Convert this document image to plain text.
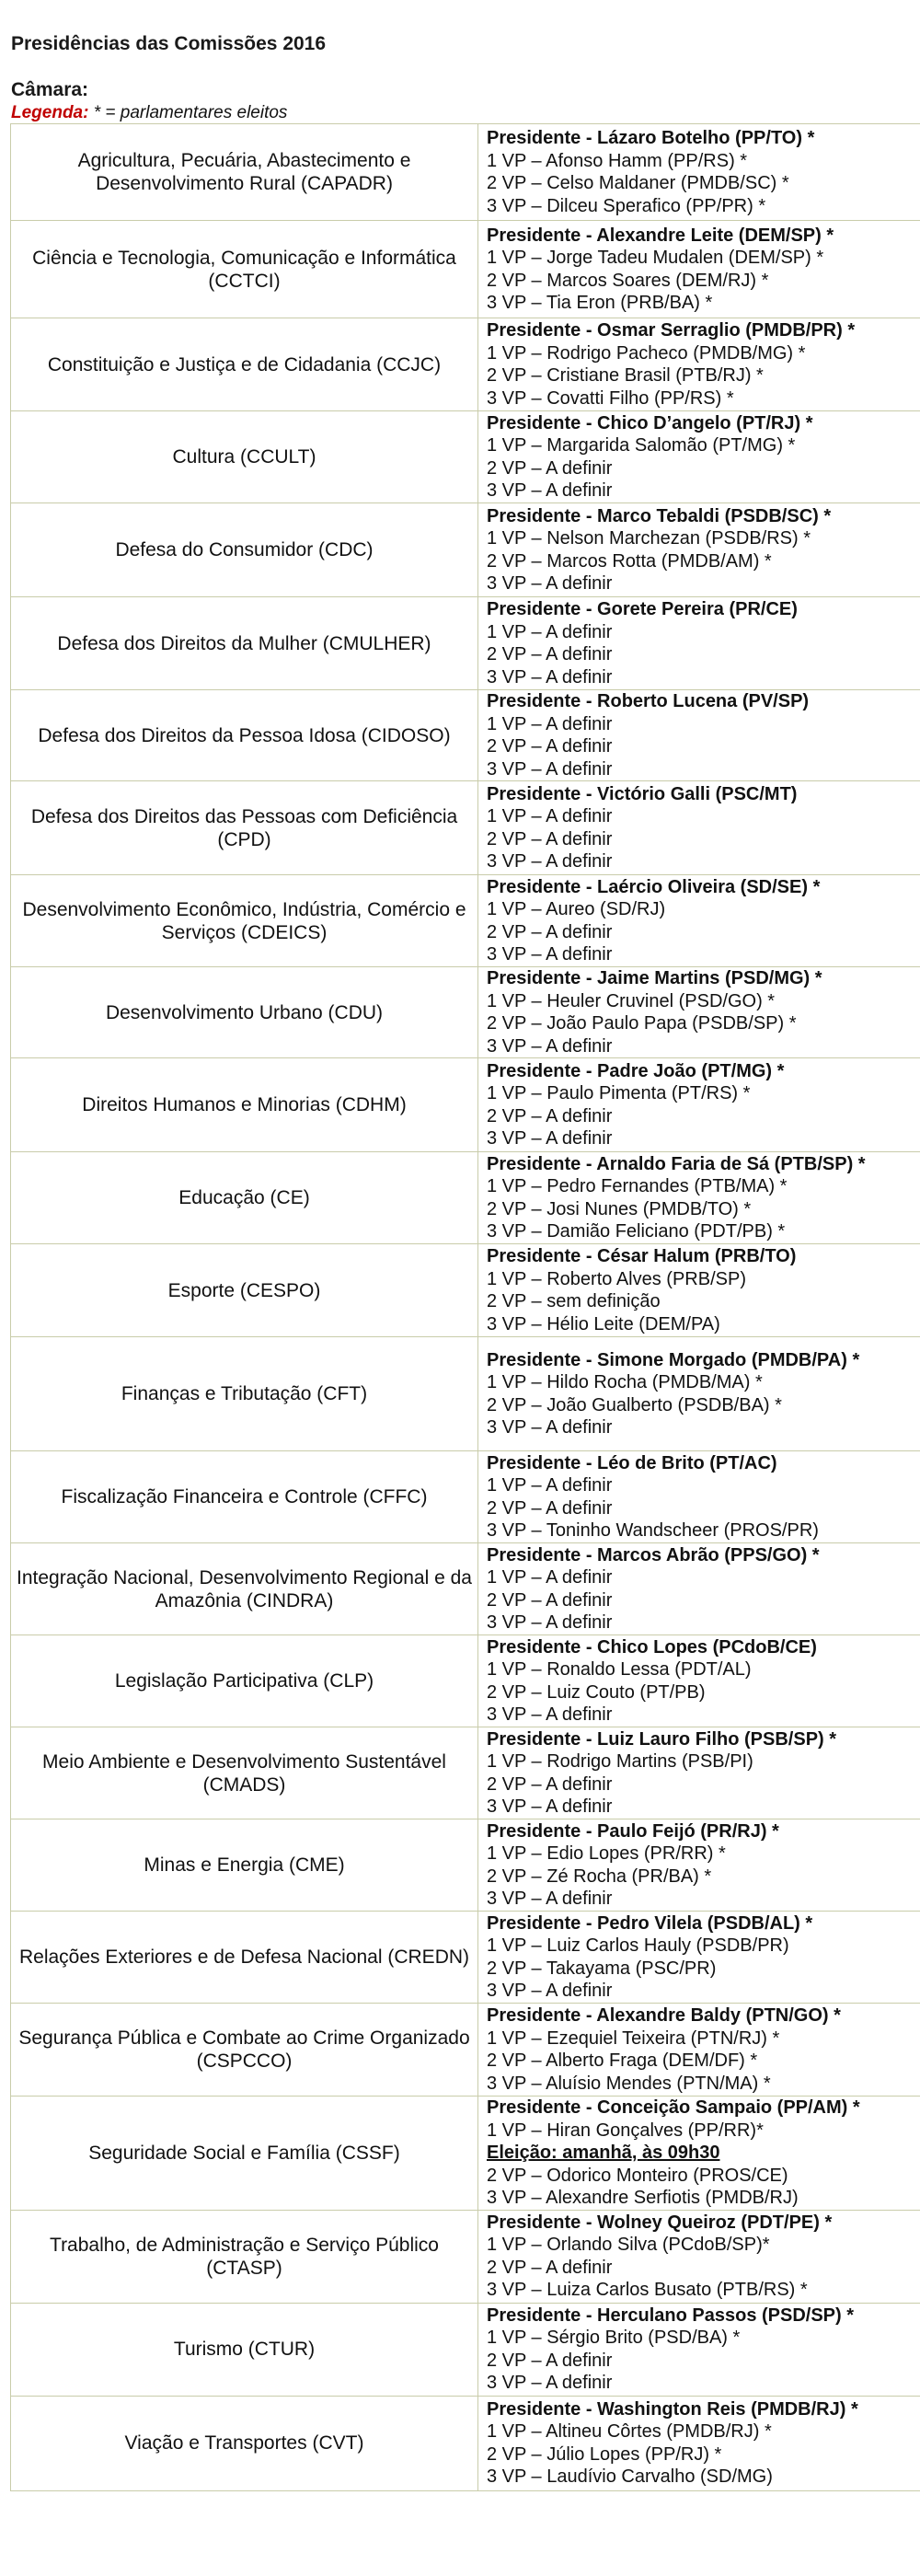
Presidências das Comissões 2016
Câmara:
Legenda: * = parlamentares eleitos
Agricultura, Pecuária, Abastecimento e Desenvolvimento Rural (CAPADR)	Presidente - Lázaro Botelho (PP/TO) *
1 VP – Afonso Hamm (PP/RS) *
2 VP – Celso Maldaner (PMDB/SC) *
3 VP – Dilceu Sperafico (PP/PR) *

Ciência e Tecnologia, Comunicação e Informática (CCTCI)	Presidente - Alexandre Leite (DEM/SP) *
1 VP – Jorge Tadeu Mudalen (DEM/SP) *
2 VP – Marcos Soares (DEM/RJ) *
3 VP – Tia Eron (PRB/BA) *

Constituição e Justiça e de Cidadania (CCJC)	Presidente - Osmar Serraglio (PMDB/PR) *
1 VP – Rodrigo Pacheco (PMDB/MG) *
2 VP – Cristiane Brasil (PTB/RJ) *
3 VP – Covatti Filho (PP/RS) *

Cultura (CCULT)	Presidente - Chico D’angelo (PT/RJ) *
1 VP – Margarida Salomão (PT/MG) *
2 VP – A definir
3 VP – A definir

Defesa do Consumidor (CDC)	Presidente - Marco Tebaldi (PSDB/SC) *
1 VP – Nelson Marchezan (PSDB/RS) *
2 VP – Marcos Rotta (PMDB/AM) *
3 VP – A definir

Defesa dos Direitos da Mulher (CMULHER)	Presidente - Gorete Pereira (PR/CE)
1 VP – A definir
2 VP – A definir
3 VP – A definir

Defesa dos Direitos da Pessoa Idosa (CIDOSO)	Presidente - Roberto Lucena (PV/SP)
1 VP – A definir
2 VP – A definir
3 VP – A definir

Defesa dos Direitos das Pessoas com Deficiência (CPD)	Presidente - Victório Galli (PSC/MT)
1 VP – A definir
2 VP – A definir
3 VP – A definir

Desenvolvimento Econômico, Indústria, Comércio e Serviços (CDEICS)	Presidente - Laércio Oliveira (SD/SE) *
1 VP – Aureo (SD/RJ)
2 VP – A definir
3 VP – A definir

Desenvolvimento Urbano (CDU)	Presidente - Jaime Martins (PSD/MG) *
1 VP – Heuler Cruvinel (PSD/GO) *
2 VP – João Paulo Papa (PSDB/SP) *
3 VP – A definir

Direitos Humanos e Minorias (CDHM)	Presidente - Padre João (PT/MG) *
1 VP – Paulo Pimenta (PT/RS) *
2 VP – A definir
3 VP – A definir

Educação (CE)	Presidente - Arnaldo Faria de Sá (PTB/SP) *
1 VP – Pedro Fernandes (PTB/MA) *
2 VP – Josi Nunes (PMDB/TO) *
3 VP – Damião Feliciano (PDT/PB) *

Esporte (CESPO)	Presidente - César Halum (PRB/TO)
1 VP – Roberto Alves (PRB/SP)
2 VP – sem definição
3 VP – Hélio Leite (DEM/PA)

Finanças e Tributação (CFT)	Presidente - Simone Morgado (PMDB/PA) *
1 VP – Hildo Rocha (PMDB/MA) *
2 VP – João Gualberto (PSDB/BA) *
3 VP – A definir

Fiscalização Financeira e Controle (CFFC)	Presidente - Léo de Brito (PT/AC)
1 VP – A definir
2 VP – A definir
3 VP – Toninho Wandscheer (PROS/PR)

Integração Nacional, Desenvolvimento Regional e da Amazônia (CINDRA)	Presidente - Marcos Abrão (PPS/GO) *
1 VP – A definir
2 VP – A definir
3 VP – A definir

Legislação Participativa (CLP)	Presidente - Chico Lopes (PCdoB/CE)
1 VP – Ronaldo Lessa (PDT/AL)
2 VP – Luiz Couto (PT/PB)
3 VP – A definir

Meio Ambiente e Desenvolvimento Sustentável (CMADS)	Presidente - Luiz Lauro Filho (PSB/SP) *
1 VP – Rodrigo Martins (PSB/PI)
2 VP – A definir
3 VP – A definir

Minas e Energia (CME)	Presidente - Paulo Feijó (PR/RJ) *
1 VP – Edio Lopes (PR/RR) *
2 VP – Zé Rocha (PR/BA) *
3 VP – A definir

Relações Exteriores e de Defesa Nacional (CREDN)	Presidente - Pedro Vilela (PSDB/AL) *
1 VP – Luiz Carlos Hauly (PSDB/PR)
2 VP – Takayama (PSC/PR)
3 VP – A definir

Segurança Pública e Combate ao Crime Organizado (CSPCCO)	Presidente - Alexandre Baldy (PTN/GO) *
1 VP – Ezequiel Teixeira (PTN/RJ) *
2 VP – Alberto Fraga (DEM/DF) *
3 VP – Aluísio Mendes (PTN/MA) *

Seguridade Social e Família (CSSF)	Presidente - Conceição Sampaio (PP/AM) *
1 VP – Hiran Gonçalves (PP/RR)*
Eleição: amanhã, às 09h30
2 VP – Odorico Monteiro (PROS/CE)
3 VP – Alexandre Serfiotis (PMDB/RJ)

Trabalho, de Administração e Serviço Público (CTASP)	Presidente - Wolney Queiroz (PDT/PE) *
1 VP – Orlando Silva (PCdoB/SP)*
2 VP – A definir
3 VP – Luiza Carlos Busato (PTB/RS) *

Turismo (CTUR)	Presidente - Herculano Passos (PSD/SP) *
1 VP – Sérgio Brito (PSD/BA) *
2 VP – A definir
3 VP – A definir

Viação e Transportes (CVT)	Presidente - Washington Reis (PMDB/RJ) *
1 VP – Altineu Côrtes (PMDB/RJ) *
2 VP – Júlio Lopes (PP/RJ) *
3 VP – Laudívio Carvalho (SD/MG)
